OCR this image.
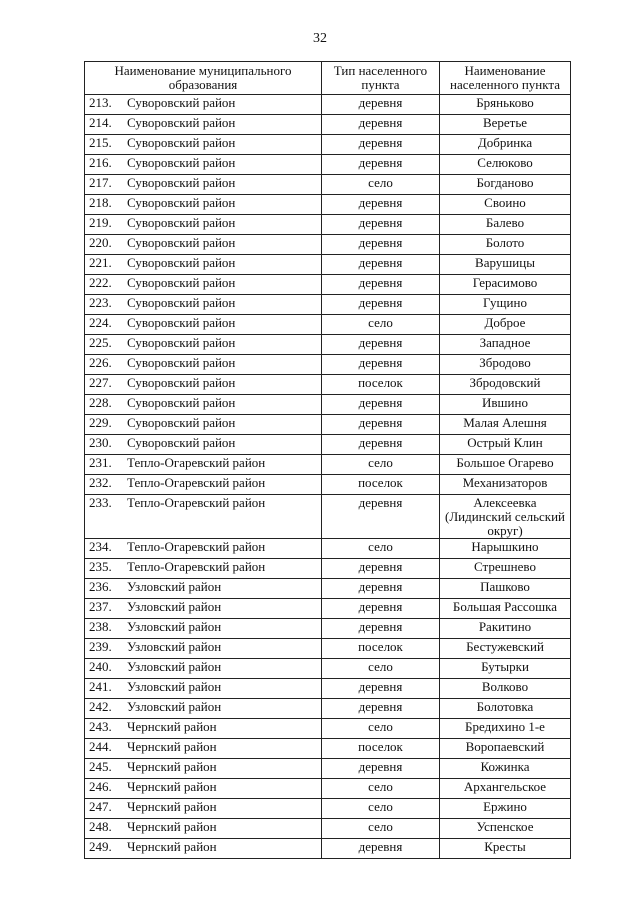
32
Наименование муниципального образования	Тип населенного пункта	Наименование населенного пункта
213. Суворовский район	деревня	Бряньково
214. Суворовский район	деревня	Веретье
215. Суворовский район	деревня	Добринка
216. Суворовский район	деревня	Селюково
217. Суворовский район	село	Богданово
218. Суворовский район	деревня	Своино
219. Суворовский район	деревня	Балево
220. Суворовский район	деревня	Болото
221. Суворовский район	деревня	Варушицы
222. Суворовский район	деревня	Герасимово
223. Суворовский район	деревня	Гущино
224. Суворовский район	село	Доброе
225. Суворовский район	деревня	Западное
226. Суворовский район	деревня	Збродово
227. Суворовский район	поселок	Збродовский
228. Суворовский район	деревня	Ившино
229. Суворовский район	деревня	Малая Алешня
230. Суворовский район	деревня	Острый Клин
231. Тепло-Огаревский район	село	Большое Огарево
232. Тепло-Огаревский район	поселок	Механизаторов
233. Тепло-Огаревский район	деревня	Алексеевка (Лидинский сельский округ)
234. Тепло-Огаревский район	село	Нарышкино
235. Тепло-Огаревский район	деревня	Стрешнево
236. Узловский район	деревня	Пашково
237. Узловский район	деревня	Большая Рассошка
238. Узловский район	деревня	Ракитино
239. Узловский район	поселок	Бестужевский
240. Узловский район	село	Бутырки
241. Узловский район	деревня	Волково
242. Узловский район	деревня	Болотовка
243. Чернский район	село	Бредихино 1-е
244. Чернский район	поселок	Воропаевский
245. Чернский район	деревня	Кожинка
246. Чернский район	село	Архангельское
247. Чернский район	село	Ержино
248. Чернский район	село	Успенское
249. Чернский район	деревня	Кресты
